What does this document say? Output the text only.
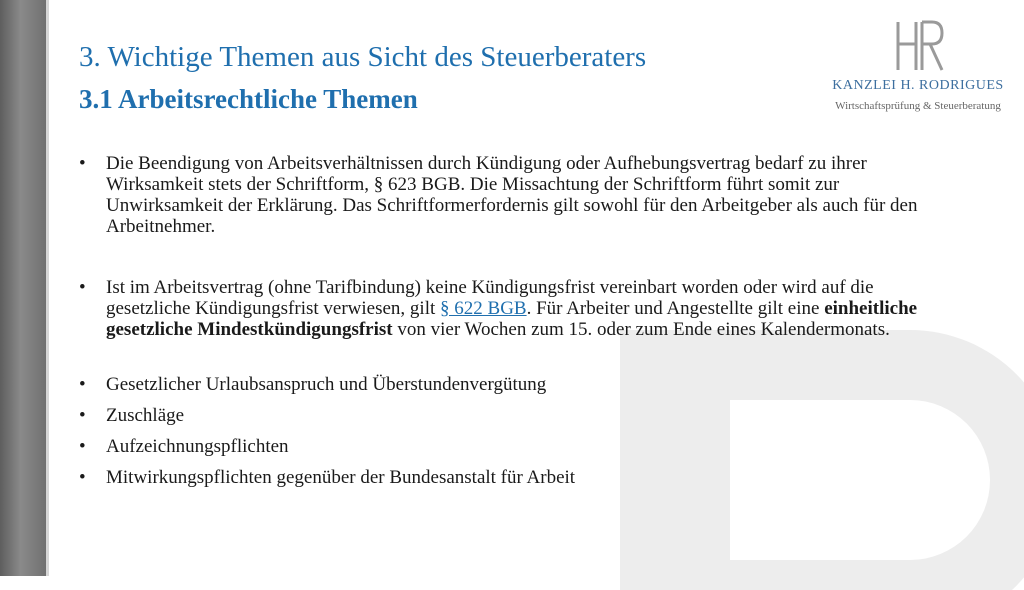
3. Wichtige Themen aus Sicht des Steuerberaters
3.1 Arbeitsrechtliche Themen	KANZLEI H. RODRIGUES
Wirtschaftsprüfung & Steuerberatung
• Die Beendigung von Arbeitsverhältnissen durch Kündigung oder Aufhebungsvertrag bedarf zu ihrer Wirksamkeit stets der Schriftform, § 623 BGB. Die Missachtung der Schriftform führt somit zur Unwirksamkeit der Erklärung. Das Schriftformerfordernis gilt sowohl für den Arbeitgeber als auch für den Arbeitnehmer.
• Ist im Arbeitsvertrag (ohne Tarifbindung) keine Kündigungsfrist vereinbart worden oder wird auf die gesetzliche Kündigungsfrist verwiesen, gilt § 622 BGB. Für Arbeiter und Angestellte gilt eine einheitliche gesetzliche Mindestkündigungsfrist von vier Wochen zum 15. oder zum Ende eines Kalendermonats.
• Gesetzlicher Urlaubsanspruch und Überstundenvergütung
• Zuschläge
• Aufzeichnungspflichten
• Mitwirkungspflichten gegenüber der Bundesanstalt für Arbeit
